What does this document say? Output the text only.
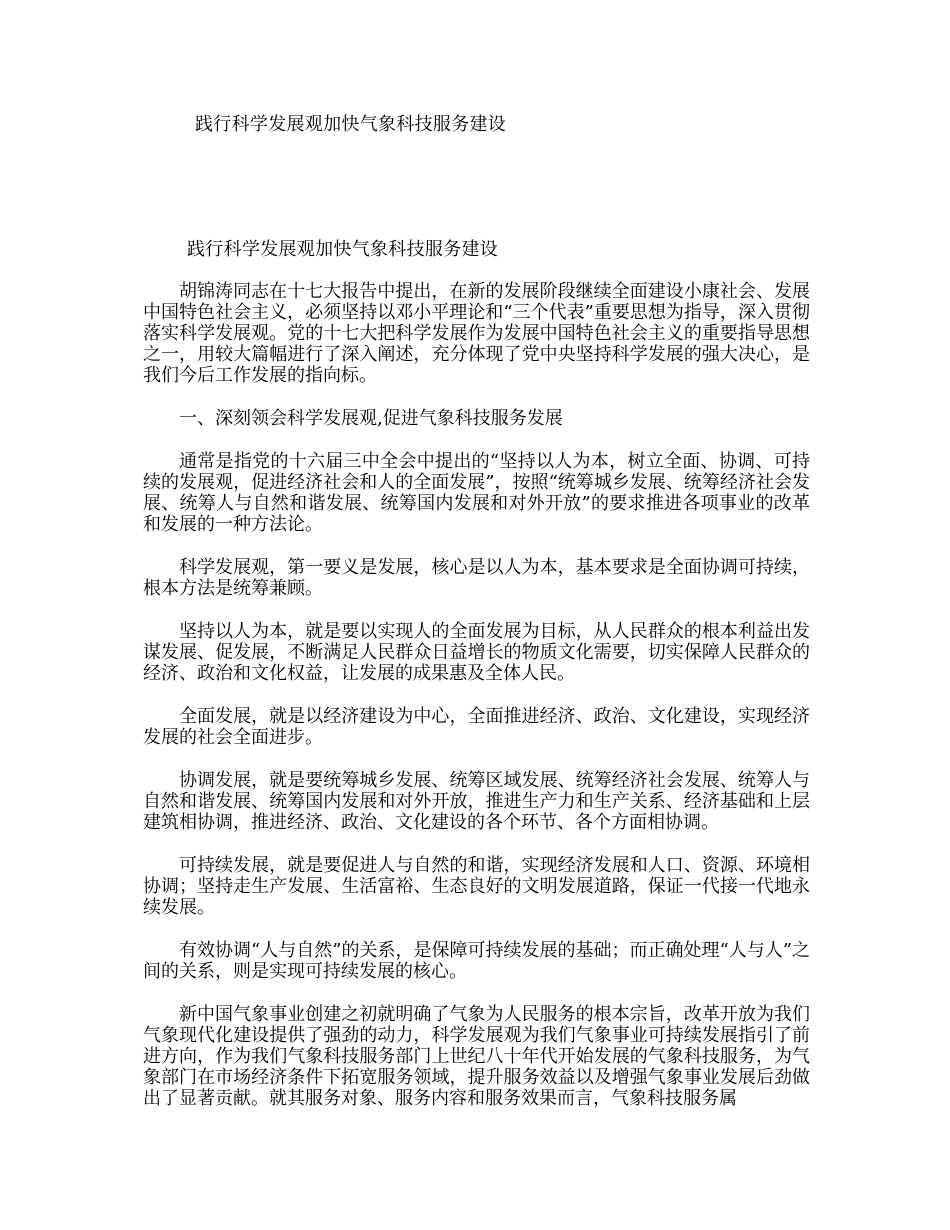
践行科学发展观加快气象科技服务建设
践行科学发展观加快气象科技服务建设

胡锦涛同志在十七大报告中提出，在新的发展阶段继续全面建设小康社会、发展中国特色社会主义，必须坚持以邓小平理论和“三个代表”重要思想为指导，深入贯彻落实科学发展观。党的十七大把科学发展作为发展中国特色社会主义的重要指导思想之一，用较大篇幅进行了深入阐述，充分体现了党中央坚持科学发展的强大决心，是我们今后工作发展的指向标。

一、深刻领会科学发展观,促进气象科技服务发展

通常是指党的十六届三中全会中提出的“坚持以人为本，树立全面、协调、可持续的发展观，促进经济社会和人的全面发展”，按照“统筹城乡发展、统筹经济社会发展、统筹人与自然和谐发展、统筹国内发展和对外开放”的要求推进各项事业的改革和发展的一种方法论。

科学发展观，第一要义是发展，核心是以人为本，基本要求是全面协调可持续，根本方法是统筹兼顾。

坚持以人为本，就是要以实现人的全面发展为目标，从人民群众的根本利益出发谋发展、促发展，不断满足人民群众日益增长的物质文化需要，切实保障人民群众的经济、政治和文化权益，让发展的成果惠及全体人民。

全面发展，就是以经济建设为中心，全面推进经济、政治、文化建设，实现经济发展的社会全面进步。

协调发展，就是要统筹城乡发展、统筹区域发展、统筹经济社会发展、统筹人与自然和谐发展、统筹国内发展和对外开放，推进生产力和生产关系、经济基础和上层建筑相协调，推进经济、政治、文化建设的各个环节、各个方面相协调。

可持续发展，就是要促进人与自然的和谐，实现经济发展和人口、资源、环境相协调；坚持走生产发展、生活富裕、生态良好的文明发展道路，保证一代接一代地永续发展。

有效协调“人与自然”的关系，是保障可持续发展的基础；而正确处理“人与人”之间的关系，则是实现可持续发展的核心。

新中国气象事业创建之初就明确了气象为人民服务的根本宗旨，改革开放为我们气象现代化建设提供了强劲的动力，科学发展观为我们气象事业可持续发展指引了前进方向，作为我们气象科技服务部门上世纪八十年代开始发展的气象科技服务，为气象部门在市场经济条件下拓宽服务领域，提升服务效益以及增强气象事业发展后劲做出了显著贡献。就其服务对象、服务内容和服务效果而言，气象科技服务属
